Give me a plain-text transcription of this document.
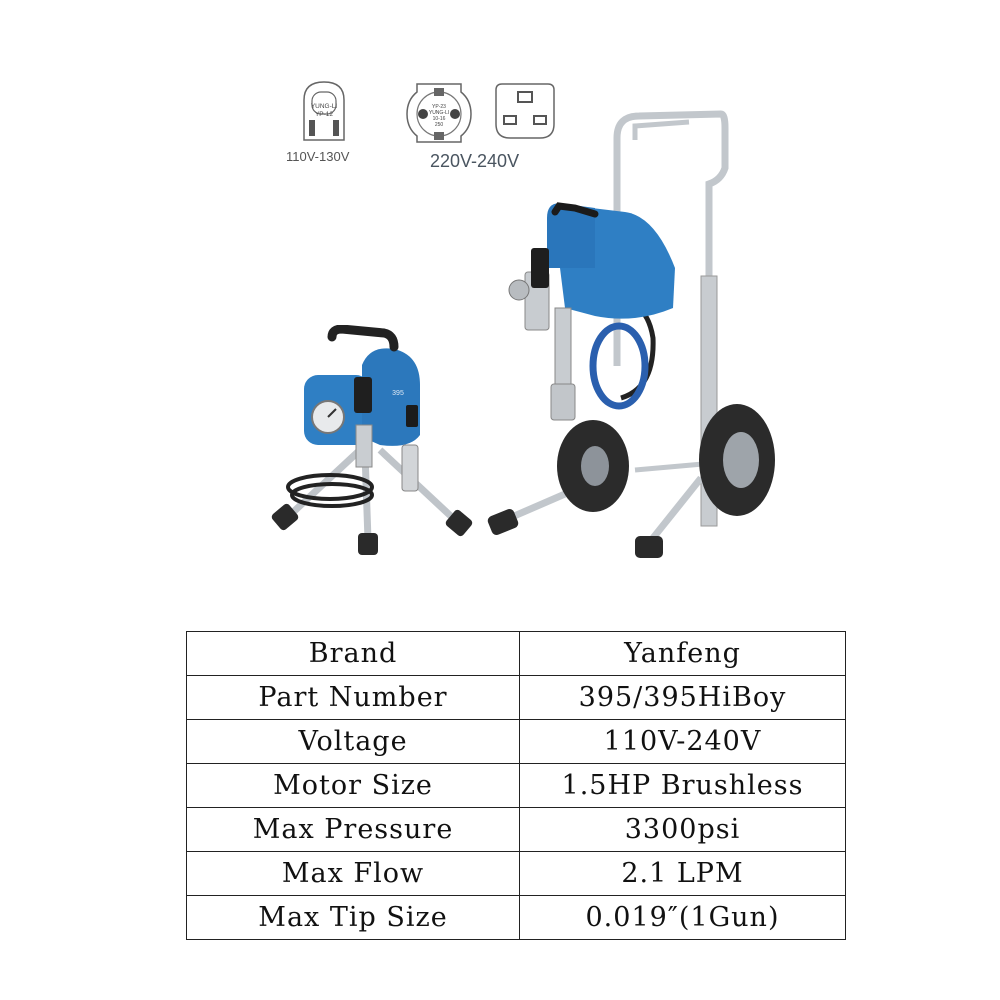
YUNG-LI
YP-12
110V-130V
YP-23
YUNG-LI
10-16
250
220V-240V
395
Brand	Yanfeng
Part Number	395/395HiBoy
Voltage	110V-240V
Motor Size	1.5HP Brushless
Max Pressure	3300psi
Max Flow	2.1 LPM
Max Tip Size	0.019″(1Gun)
